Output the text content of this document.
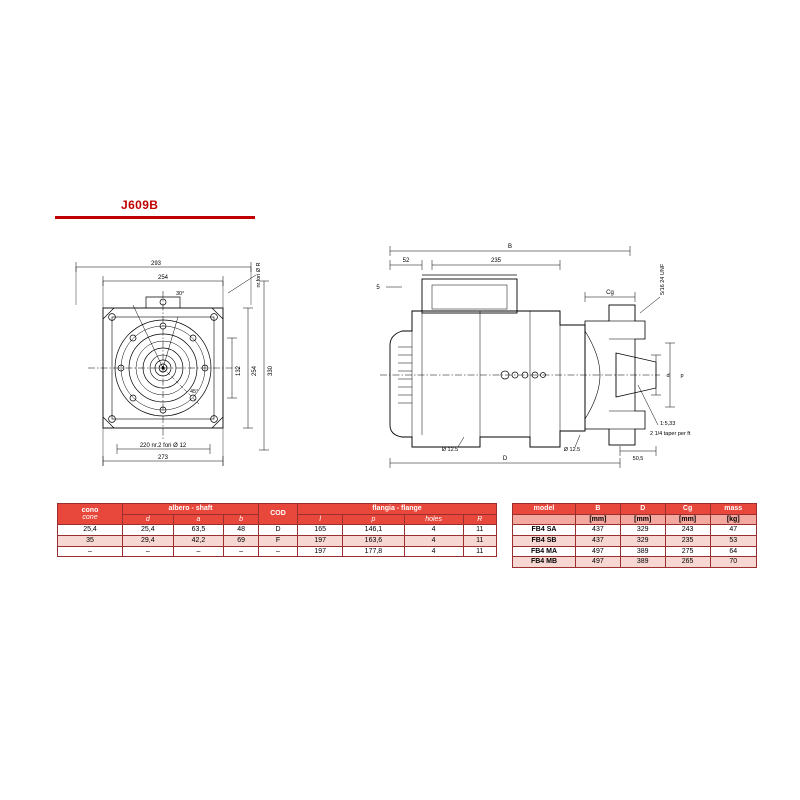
J609B
293
254
330
254
132
220 nr.2 fori Ø 12
273
30°
45°
nr.fori Ø R
B
52	235
5
Cg
D	50,5
p
d
Ø 12.5	Ø 12.5
5/16 24 UNF
1:5,33
2 1/4 taper per ft
cono
cone	albero - shaft			COD	flangia - flange			
	d	a	b		l	p	holes	R
25,4	25,4	63,5	48	D	165	146,1	4	11
35	29,4	42,2	69	F	197	163,6	4	11
–	–	–	–	–	197	177,8	4	11
model	B	D	Cg	mass
	[mm]	[mm]	[mm]	[kg]
FB4 SA	437	329	243	47
FB4 SB	437	329	235	53
FB4 MA	497	389	275	64
FB4 MB	497	389	265	70
